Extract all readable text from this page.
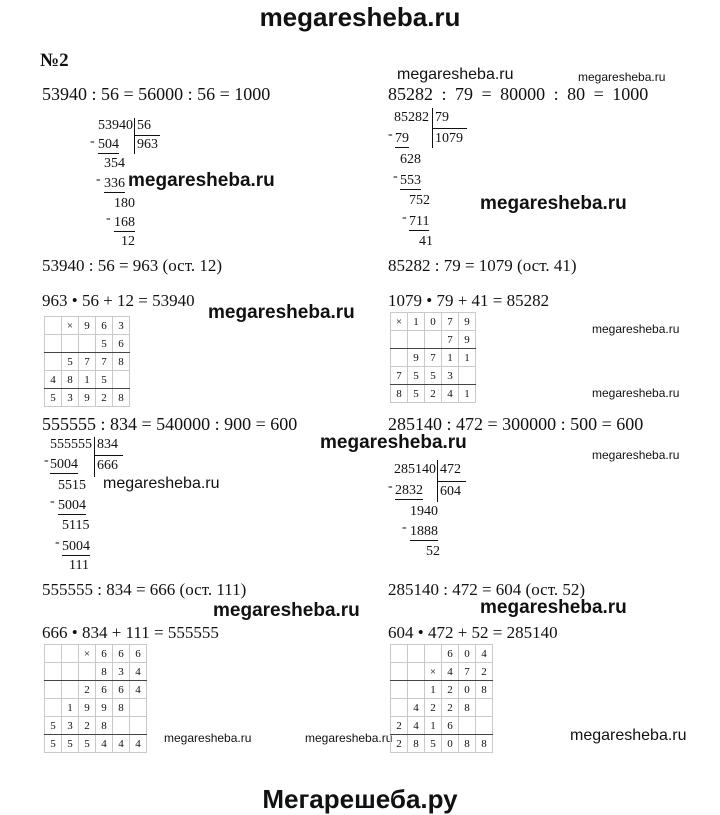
megaresheba.ru
№2
Мегарешеба.ру
megaresheba.ru	megaresheba.ru
megaresheba.ru
megaresheba.ru
megaresheba.ru
megaresheba.ru
megaresheba.ru
megaresheba.ru
megaresheba.ru
megaresheba.ru
megaresheba.ru	megaresheba.ru
megaresheba.ru	megaresheba.ru	megaresheba.ru
53940 : 56 = 56000 : 56 = 1000
53940 56
963
- 504
354
- 336
180
- 168
12
53940 : 56 = 963 (ост. 12)
963 • 56 + 12 = 53940
	×	9	6	3
			5	6
	5	7	7	8
4	8	1	5	
5	3	9	2	8
85282 : 79 = 80000 : 80 = 1000
85282 79
1079
- 79
628
- 553
752
- 711
41
85282 : 79 = 1079 (ост. 41)
1079 • 79 + 41 = 85282
×	1	0	7	9
			7	9
	9	7	1	1
7	5	5	3	
8	5	2	4	1
555555 : 834 = 540000 : 900 = 600
555555 834
666
- 5004
5515
- 5004
5115
- 5004
111
555555 : 834 = 666 (ост. 111)
666 • 834 + 111 = 555555
		×	6	6	6
			8	3	4
		2	6	6	4
	1	9	9	8	
5	3	2	8		
5	5	5	4	4	4
285140 : 472 = 300000 : 500 = 600
285140 472
604
- 2832
1940
- 1888
52
285140 : 472 = 604 (ост. 52)
604 • 472 + 52 = 285140
			6	0	4
		×	4	7	2
		1	2	0	8
	4	2	2	8	
2	4	1	6		
2	8	5	0	8	8
